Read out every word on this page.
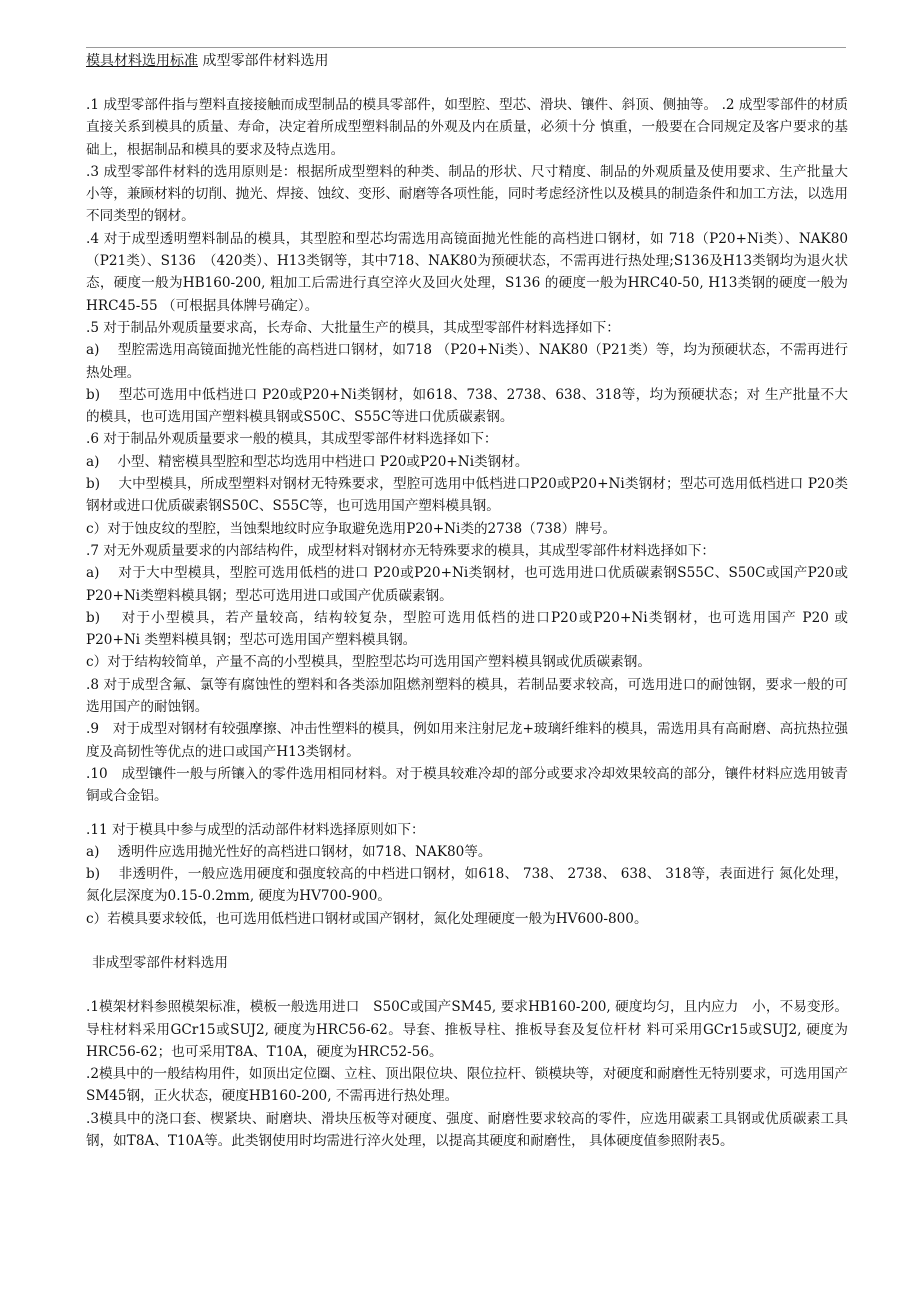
模具材料选用标准 成型零部件材料选用

.1 成型零部件指与塑料直接接触而成型制品的模具零部件，如型腔、型芯、滑块、镶件、斜顶、侧抽等。 .2 成型零部件的材质直接关系到模具的质量、寿命，决定着所成型塑料制品的外观及内在质量，必须十分 慎重，一般要在合同规定及客户要求的基础上，根据制品和模具的要求及特点选用。

.3 成型零部件材料的选用原则是：根据所成型塑料的种类、制品的形状、尺寸精度、制品的外观质量及使用要求、生产批量大小等，兼顾材料的切削、抛光、焊接、蚀纹、变形、耐磨等各项性能，同时考虑经济性以及模具的制造条件和加工方法，以选用不同类型的钢材。

.4 对于成型透明塑料制品的模具，其型腔和型芯均需选用高镜面抛光性能的高档进口钢材，如 718（P20+Ni类）、NAK80　（P21类）、S136　（420类）、H13类钢等，其中718、NAK80为预硬状态，不需再进行热处理;S136及H13类钢均为退火状态，硬度一般为HB160-200, 粗加工后需进行真空淬火及回火处理，S136 的硬度一般为HRC40-50, H13类钢的硬度一般为HRC45-55 （可根据具体牌号确定）。

.5 对于制品外观质量要求高，长寿命、大批量生产的模具，其成型零部件材料选择如下：

a)　 型腔需选用高镜面抛光性能的高档进口钢材，如718 （P20+Ni类）、NAK80（P21类）等，均为预硬状态，不需再进行热处理。

b)　 型芯可选用中低档进口 P20或P20+Ni类钢材，如618、738、2738、638、318等，均为预硬状态；对 生产批量不大的模具，也可选用国产塑料模具钢或S50C、S55C等进口优质碳素钢。

.6 对于制品外观质量要求一般的模具，其成型零部件材料选择如下：

a)　 小型、精密模具型腔和型芯均选用中档进口 P20或P20+Ni类钢材。

b)　 大中型模具，所成型塑料对钢材无特殊要求，型腔可选用中低档进口P20或P20+Ni类钢材；型芯可选用低档进口 P20类钢材或进口优质碳素钢S50C、S55C等，也可选用国产塑料模具钢。

c）对于蚀皮纹的型腔，当蚀梨地纹时应争取避免选用P20+Ni类的2738（738）牌号。

.7 对无外观质量要求的内部结构件，成型材料对钢材亦无特殊要求的模具，其成型零部件材料选择如下：

a)　 对于大中型模具，型腔可选用低档的进口 P20或P20+Ni类钢材，也可选用进口优质碳素钢S55C、S50C或国产P20或P20+Ni类塑料模具钢；型芯可选用进口或国产优质碳素钢。

b)　 对于小型模具，若产量较高，结构较复杂，型腔可选用低档的进口P20或P20+Ni类钢材，也可选用国产 P20 或 P20+Ni 类塑料模具钢；型芯可选用国产塑料模具钢。

c）对于结构较简单，产量不高的小型模具，型腔型芯均可选用国产塑料模具钢或优质碳素钢。

.8 对于成型含氟、氯等有腐蚀性的塑料和各类添加阻燃剂塑料的模具，若制品要求较高，可选用进口的耐蚀钢，要求一般的可选用国产的耐蚀钢。

.9　对于成型对钢材有较强摩擦、冲击性塑料的模具，例如用来注射尼龙+玻璃纤维料的模具，需选用具有高耐磨、高抗热拉强度及高韧性等优点的进口或国产H13类钢材。

.10　成型镶件一般与所镶入的零件选用相同材料。对于模具较难冷却的部分或要求冷却效果较高的部分，镶件材料应选用铍青铜或合金铝。

.11 对于模具中参与成型的活动部件材料选择原则如下：

a)　 透明件应选用抛光性好的高档进口钢材，如718、NAK80等。

b)　 非透明件，一般应选用硬度和强度较高的中档进口钢材，如618、 738、 2738、 638、 318等，表面进行 氮化处理，氮化层深度为0.15-0.2mm, 硬度为HV700-900。

c）若模具要求较低，也可选用低档进口钢材或国产钢材，氮化处理硬度一般为HV600-800。

非成型零部件材料选用

.1模架材料参照模架标准，模板一般选用进口　S50C或国产SM45, 要求HB160-200, 硬度均匀，且内应力　小，不易变形。导柱材料采用GCr15或SUJ2, 硬度为HRC56-62。导套、推板导柱、推板导套及复位杆材 料可采用GCr15或SUJ2, 硬度为HRC56-62；也可采用T8A、T10A，硬度为HRC52-56。

.2模具中的一般结构用件，如顶出定位圈、立柱、顶出限位块、限位拉杆、锁模块等，对硬度和耐磨性无特别要求，可选用国产SM45钢，正火状态，硬度HB160-200, 不需再进行热处理。

.3模具中的浇口套、楔紧块、耐磨块、滑块压板等对硬度、强度、耐磨性要求较高的零件，应选用碳素工具钢或优质碳素工具钢，如T8A、T10A等。此类钢使用时均需进行淬火处理，以提高其硬度和耐磨性， 具体硬度值参照附表5。
